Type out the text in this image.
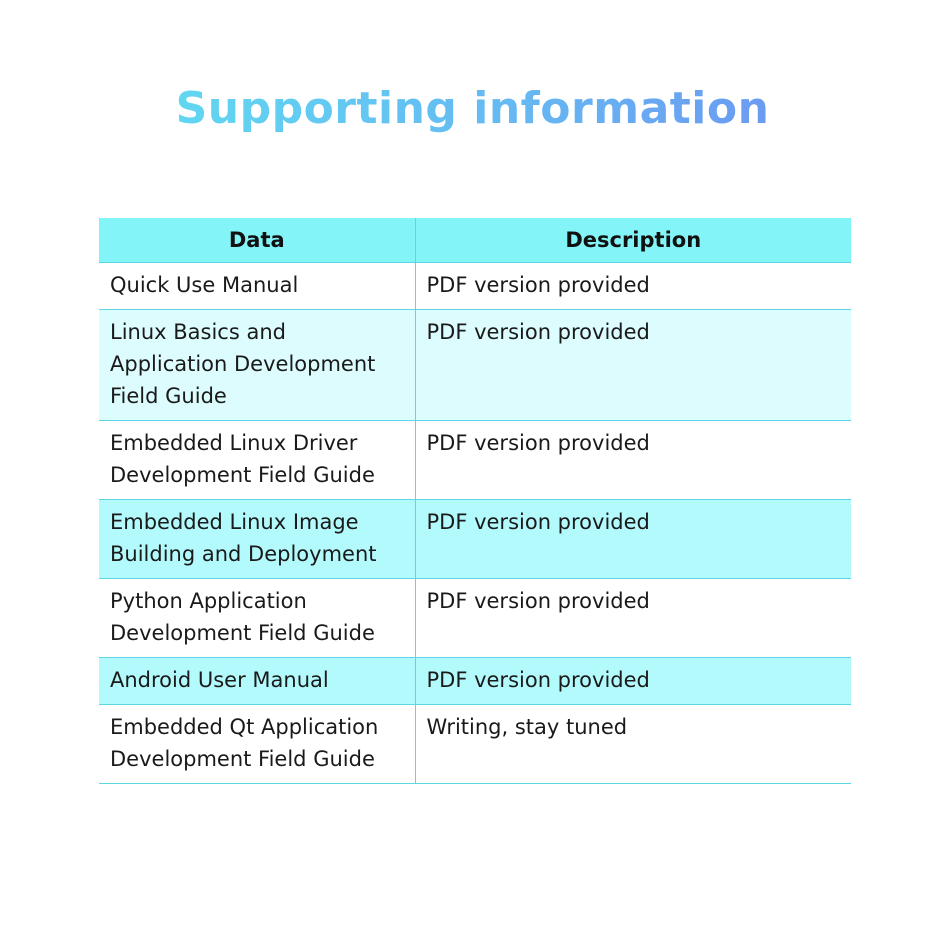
Supporting information
Data	Description
Quick Use Manual	PDF version provided
Linux Basics and Application Development Field Guide	PDF version provided
Embedded Linux Driver Development Field Guide	PDF version provided
Embedded Linux Image Building and Deployment	PDF version provided
Python Application Development Field Guide	PDF version provided
Android User Manual	PDF version provided
Embedded Qt Application Development Field Guide	Writing, stay tuned
